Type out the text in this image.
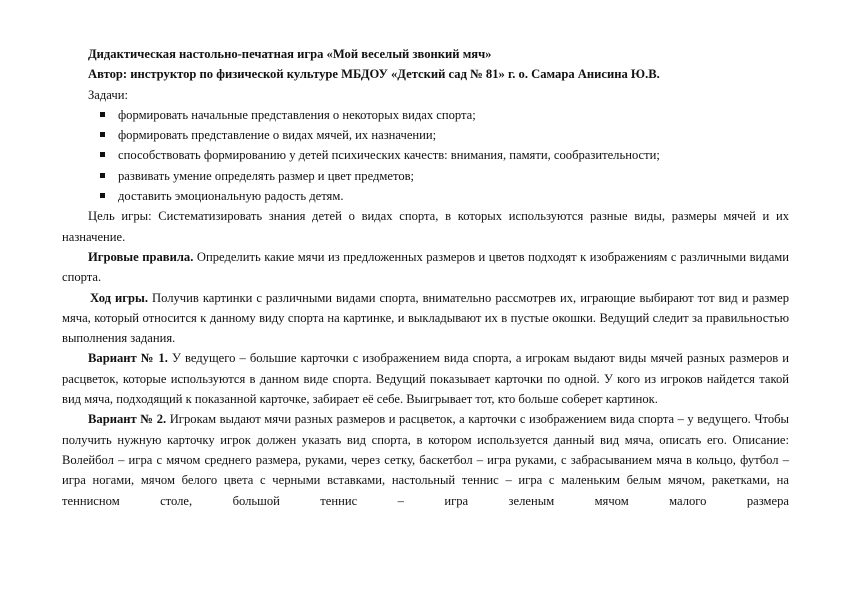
Дидактическая настольно-печатная игра «Мой веселый звонкий мяч»

Автор: инструктор по физической культуре МБДОУ «Детский сад № 81» г. о. Самара Анисина Ю.В.

Задачи:

формировать начальные представления о некоторых видах спорта;
формировать представление о видах мячей, их назначении;
способствовать формированию у детей психических качеств: внимания, памяти, сообразительности;
развивать умение определять размер и цвет предметов;
доставить эмоциональную радость детям.

Цель игры: Систематизировать знания детей о видах спорта, в которых используются разные виды, размеры мячей и их назначение.

Игровые правила. Определить какие мячи из предложенных размеров и цветов подходят к изображениям с различными видами спорта.

Ход игры. Получив картинки с различными видами спорта, внимательно рассмотрев их, играющие выбирают тот вид и размер мяча, который относится к данному виду спорта на картинке, и выкладывают их в пустые окошки. Ведущий следит за правильностью выполнения задания.

Вариант № 1. У ведущего – большие карточки с изображением вида спорта, а игрокам выдают виды мячей разных размеров и расцветок, которые используются в данном виде спорта. Ведущий показывает карточки по одной. У кого из игроков найдется такой вид мяча, подходящий к показанной карточке, забирает её себе. Выигрывает тот, кто больше соберет картинок.

Вариант № 2. Игрокам выдают мячи разных размеров и расцветок, а карточки с изображением вида спорта – у ведущего. Чтобы получить нужную карточку игрок должен указать вид спорта, в котором используется данный вид мяча, описать его. Описание: Волейбол – игра с мячом среднего размера, руками, через сетку, баскетбол – игра руками, с забрасыванием мяча в кольцо, футбол – игра ногами, мячом белого цвета с черными вставками, настольный теннис – игра с маленьким белым мячом, ракетками, на теннисном столе, большой теннис – игра зеленым мячом малого размера
